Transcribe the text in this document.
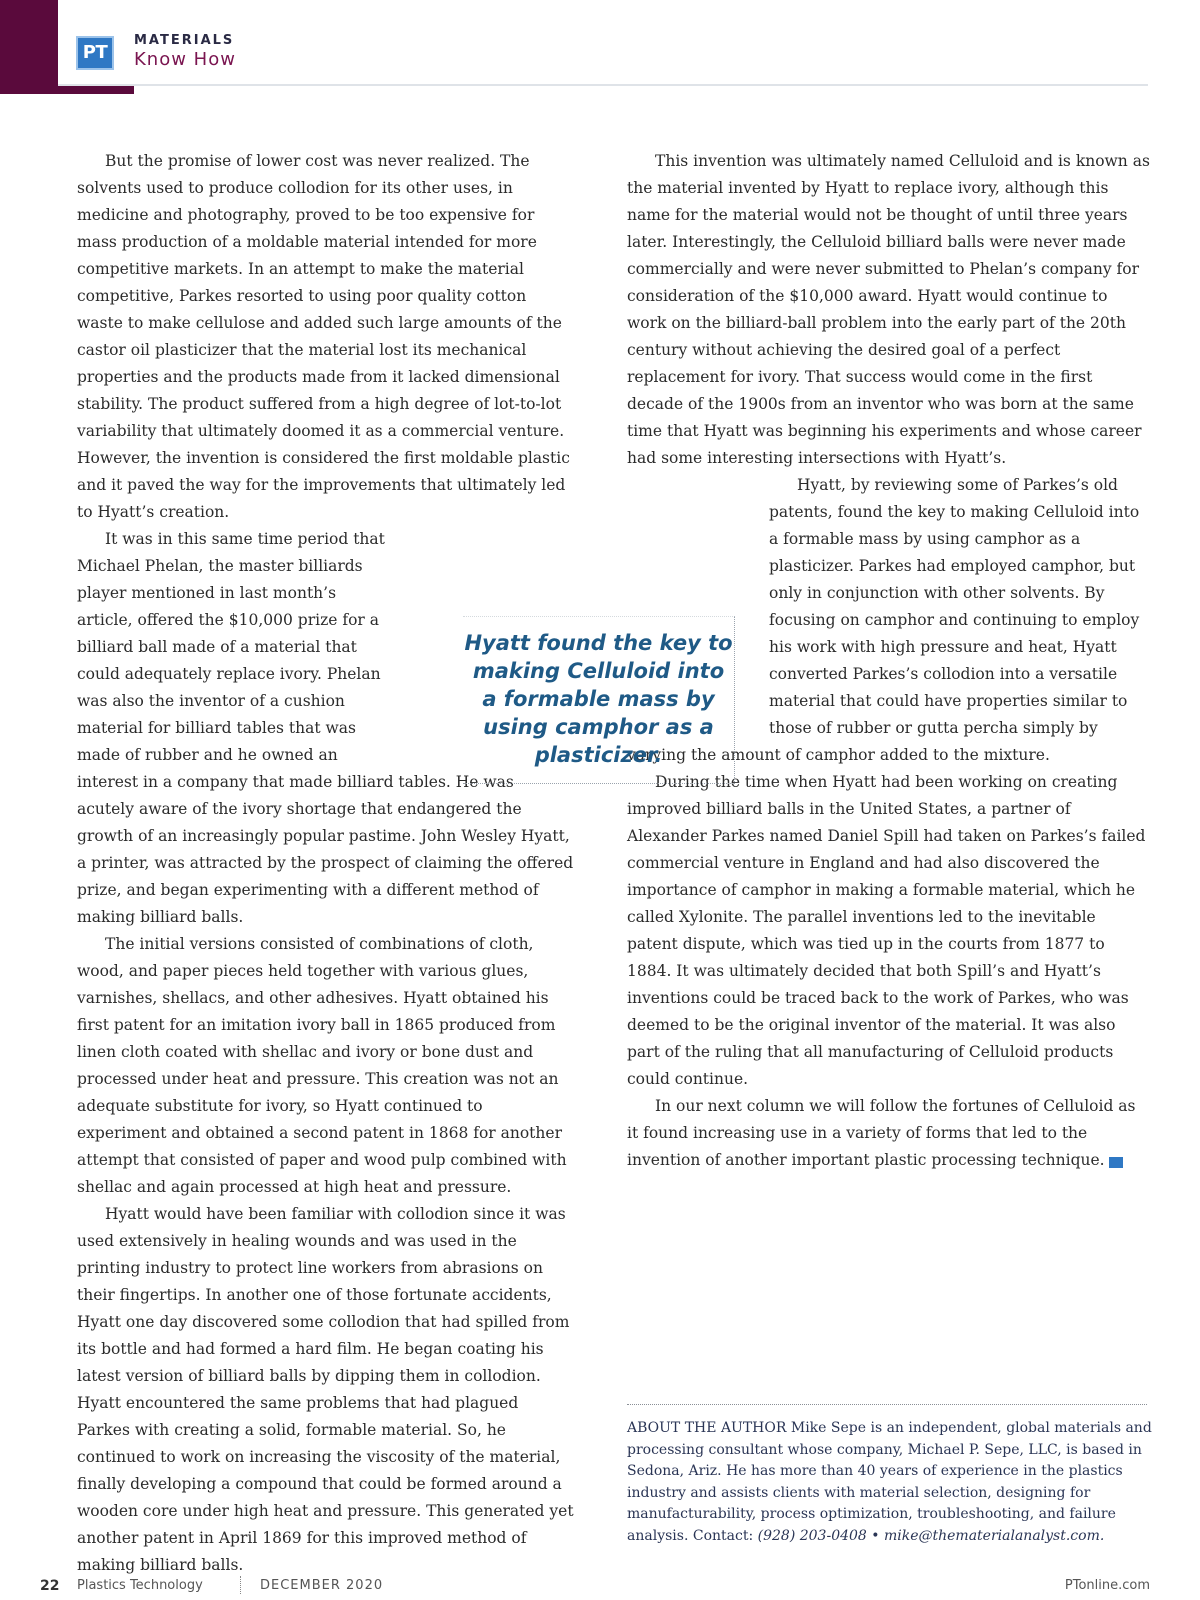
PT
MATERIALS
Know How

But the promise of lower cost was never realized. The solvents used to produce collodion for its other uses, in medicine and photography, proved to be too expensive for mass production of a moldable material intended for more competitive markets. In an attempt to make the material competitive, Parkes resorted to using poor quality cotton waste to make cellulose and added such large amounts of the castor oil plasticizer that the material lost its mechanical properties and the products made from it lacked dimensional stability. The product suffered from a high degree of lot-to-lot variability that ultimately doomed it as a commercial venture. However, the invention is considered the first moldable plastic and it paved the way for the improvements that ultimately led to Hyatt’s creation.

It was in this same time period that Michael Phelan, the master billiards player mentioned in last month’s article, offered the $10,000 prize for a billiard ball made of a material that could adequately replace ivory. Phelan was also the inventor of a cushion material for billiard tables that was made of rubber and he owned an interest in a company that made billiard tables. He was acutely aware of the ivory shortage that endangered the growth of an increasingly popular pastime. John Wesley Hyatt, a printer, was attracted by the prospect of claiming the offered prize, and began experimenting with a different method of making billiard balls.

The initial versions consisted of combinations of cloth, wood, and paper pieces held together with various glues, varnishes, shellacs, and other adhesives. Hyatt obtained his first patent for an imitation ivory ball in 1865 produced from linen cloth coated with shellac and ivory or bone dust and processed under heat and pressure. This creation was not an adequate substitute for ivory, so Hyatt continued to experiment and obtained a second patent in 1868 for another attempt that consisted of paper and wood pulp combined with shellac and again processed at high heat and pressure.

Hyatt would have been familiar with collodion since it was used extensively in healing wounds and was used in the printing industry to protect line workers from abrasions on their fingertips. In another one of those fortunate accidents, Hyatt one day discovered some collodion that had spilled from its bottle and had formed a hard film. He began coating his latest version of billiard balls by dipping them in collodion. Hyatt encountered the same problems that had plagued Parkes with creating a solid, formable material. So, he continued to work on increasing the viscosity of the material, finally developing a compound that could be formed around a wooden core under high heat and pressure. This generated yet another patent in April 1869 for this improved method of making billiard balls.

This invention was ultimately named Celluloid and is known as the material invented by Hyatt to replace ivory, although this name for the material would not be thought of until three years later. Interestingly, the Celluloid billiard balls were never made commercially and were never submitted to Phelan’s company for consideration of the $10,000 award. Hyatt would continue to work on the billiard-ball problem into the early part of the 20th century without achieving the desired goal of a perfect replacement for ivory. That success would come in the first decade of the 1900s from an inventor who was born at the same time that Hyatt was beginning his experiments and whose career had some interesting intersections with Hyatt’s.

Hyatt, by reviewing some of Parkes’s old patents, found the key to making Celluloid into a formable mass by using camphor as a plasticizer. Parkes had employed camphor, but only in conjunction with other solvents. By focusing on camphor and continuing to employ his work with high pressure and heat, Hyatt converted Parkes’s collodion into a versatile material that could have properties similar to those of rubber or gutta percha simply by varying the amount of camphor added to the mixture.

During the time when Hyatt had been working on creating improved billiard balls in the United States, a partner of Alexander Parkes named Daniel Spill had taken on Parkes’s failed commercial venture in England and had also discovered the importance of camphor in making a formable material, which he called Xylonite. The parallel inventions led to the inevitable patent dispute, which was tied up in the courts from 1877 to 1884. It was ultimately decided that both Spill’s and Hyatt’s inventions could be traced back to the work of Parkes, who was deemed to be the original inventor of the material. It was also part of the ruling that all manufacturing of Celluloid products could continue.

In our next column we will follow the fortunes of Celluloid as it found increasing use in a variety of forms that led to the invention of another important plastic processing technique.	PT

Hyatt found the key to making Celluloid into a formable mass by using camphor as a plasticizer.
ABOUT THE AUTHOR Mike Sepe is an independent, global materials and processing consultant whose company, Michael P. Sepe, LLC, is based in Sedona, Ariz. He has more than 40 years of experience in the plastics industry and assists clients with material selection, designing for manufacturability, process optimization, troubleshooting, and failure analysis. Contact: (928) 203-0408 • mike@thematerialanalyst.com.
22 Plastics Technology	DECEMBER 2020	PTonline.com
